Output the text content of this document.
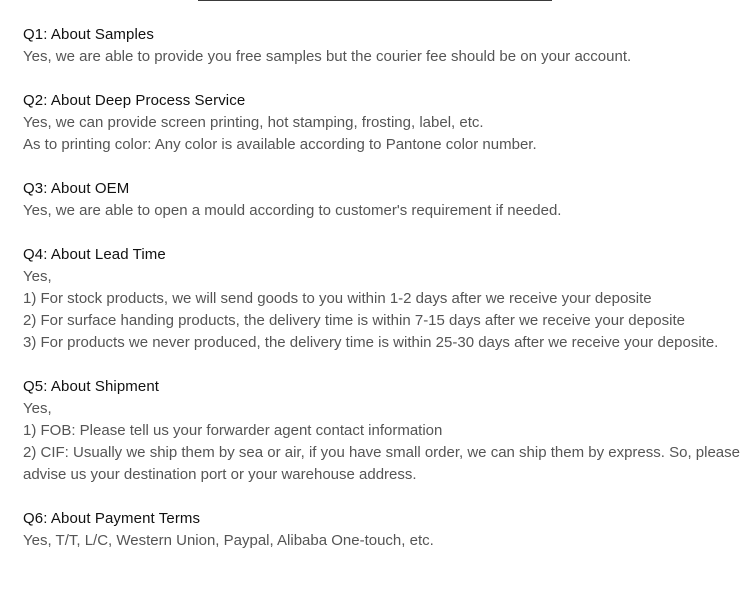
Q1: About Samples

Yes, we are able to provide you free samples but the courier fee should be on your account.

Q2: About Deep Process Service

Yes, we can provide screen printing, hot stamping, frosting, label, etc.

As to printing color: Any color is available according to Pantone color number.

Q3: About OEM

Yes, we are able to open a mould according to customer's requirement if needed.

Q4: About Lead Time

Yes,

1) For stock products, we will send goods to you within 1-2 days after we receive your deposite

2) For surface handing products, the delivery time is within 7-15 days after we receive your deposite

3) For products we never produced, the delivery time is within 25-30 days after we receive your deposite.

Q5: About Shipment

Yes,

1) FOB: Please tell us your forwarder agent contact information

2) CIF: Usually we ship them by sea or air, if you have small order, we can ship them by express. So, please

advise us your destination port or your warehouse address.

Q6: About Payment Terms

Yes, T/T, L/C, Western Union, Paypal, Alibaba One-touch, etc.
